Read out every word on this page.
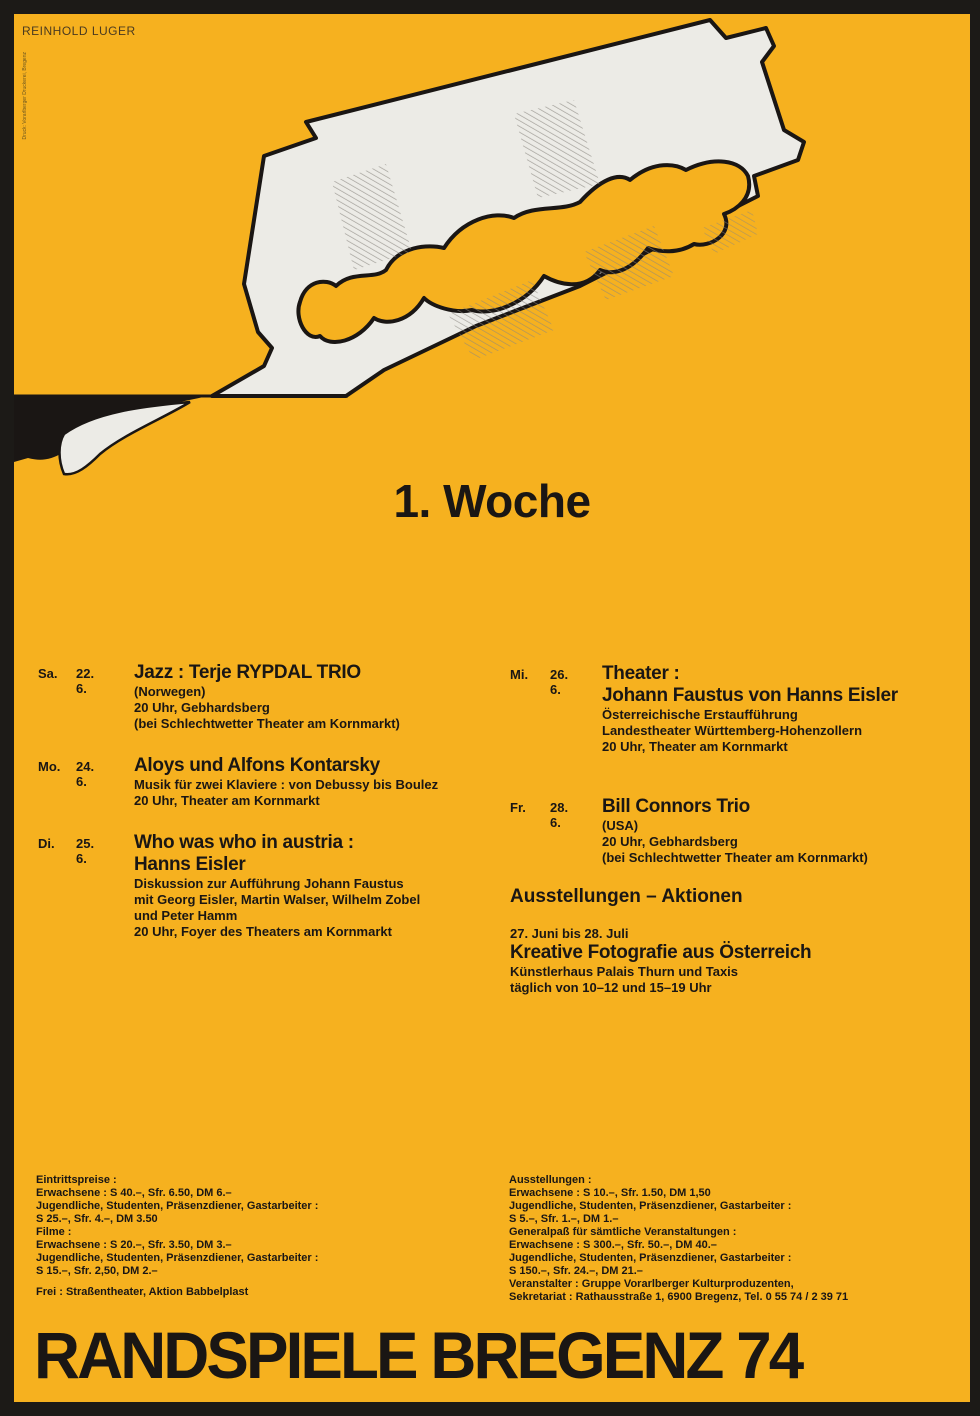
REINHOLD LUGER
Druck: Vorarlberger Druckerei, Bregenz
1. Woche
Sa. 22. 6.
Jazz : Terje RYPDAL TRIO
(Norwegen)
20 Uhr, Gebhardsberg
(bei Schlechtwetter Theater am Kornmarkt)
Mo. 24. 6.
Aloys und Alfons Kontarsky
Musik für zwei Klaviere : von Debussy bis Boulez
20 Uhr, Theater am Kornmarkt
Di. 25. 6.
Who was who in austria :
Hanns Eisler
Diskussion zur Aufführung Johann Faustus
mit Georg Eisler, Martin Walser, Wilhelm Zobel
und Peter Hamm
20 Uhr, Foyer des Theaters am Kornmarkt
Mi. 26. 6.
Theater :
Johann Faustus von Hanns Eisler
Österreichische Erstaufführung
Landestheater Württemberg-Hohenzollern
20 Uhr, Theater am Kornmarkt
Fr. 28. 6.
Bill Connors Trio
(USA)
20 Uhr, Gebhardsberg
(bei Schlechtwetter Theater am Kornmarkt)
Ausstellungen – Aktionen
27. Juni bis 28. Juli
Kreative Fotografie aus Österreich
Künstlerhaus Palais Thurn und Taxis
täglich von 10–12 und 15–19 Uhr
Eintrittspreise :
Erwachsene : S 40.–, Sfr. 6.50, DM 6.–
Jugendliche, Studenten, Präsenzdiener, Gastarbeiter :
S 25.–, Sfr. 4.–, DM 3.50
Filme :
Erwachsene : S 20.–, Sfr. 3.50, DM 3.–
Jugendliche, Studenten, Präsenzdiener, Gastarbeiter :
S 15.–, Sfr. 2,50, DM 2.–
Frei : Straßentheater, Aktion Babbelplast
Ausstellungen :
Erwachsene : S 10.–, Sfr. 1.50, DM 1,50
Jugendliche, Studenten, Präsenzdiener, Gastarbeiter :
S 5.–, Sfr. 1.–, DM 1.–
Generalpaß für sämtliche Veranstaltungen :
Erwachsene : S 300.–, Sfr. 50.–, DM 40.–
Jugendliche, Studenten, Präsenzdiener, Gastarbeiter :
S 150.–, Sfr. 24.–, DM 21.–
Veranstalter : Gruppe Vorarlberger Kulturproduzenten,
Sekretariat : Rathausstraße 1, 6900 Bregenz, Tel. 0 55 74 / 2 39 71
RANDSPIELE BREGENZ 74
